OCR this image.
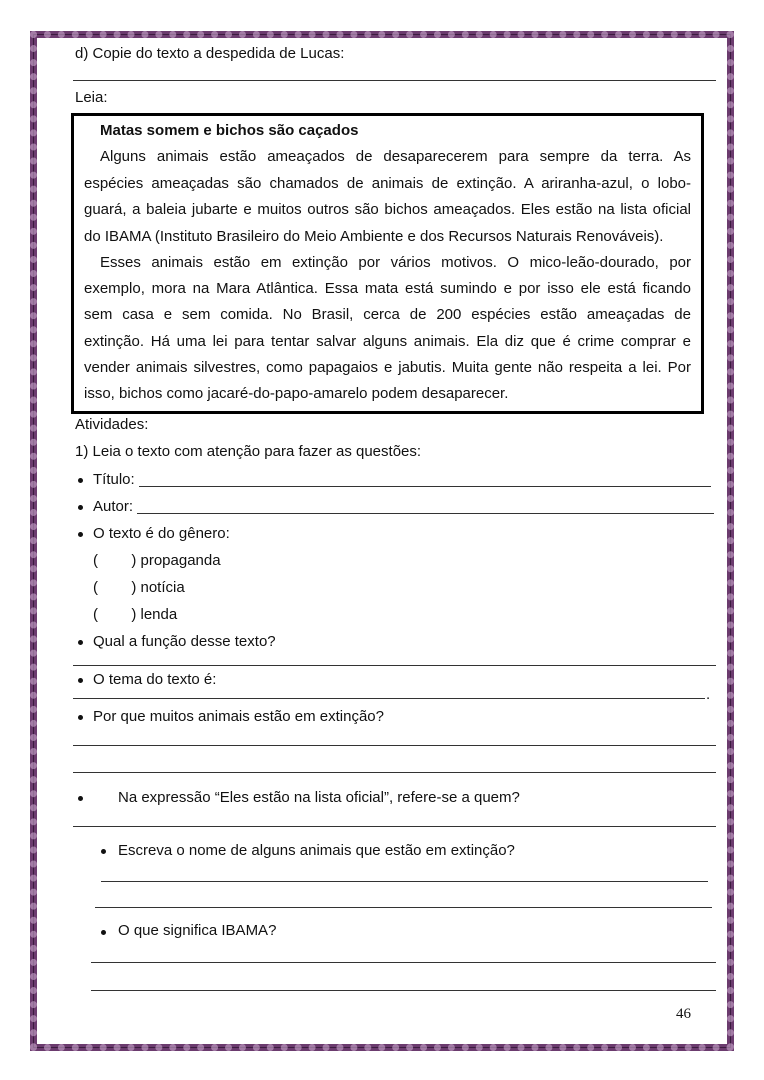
d) Copie do texto a despedida de Lucas:
Leia:
Matas somem e bichos são caçados
Alguns animais estão ameaçados de desaparecerem para sempre da terra. As
espécies ameaçadas são chamados de animais de extinção. A ariranha-azul, o lobo-
guará, a baleia jubarte e muitos outros são bichos ameaçados. Eles estão na lista oficial
do IBAMA (Instituto Brasileiro do Meio Ambiente e dos Recursos Naturais Renováveis).
Esses animais estão em extinção por vários motivos. O mico-leão-dourado, por
exemplo, mora na Mara Atlântica. Essa mata está sumindo e por isso ele está ficando
sem casa e sem comida. No Brasil, cerca de 200 espécies estão ameaçadas de
extinção. Há uma lei para tentar salvar alguns animais. Ela diz que é crime comprar e
vender animais silvestres, como papagaios e jabutis. Muita gente não respeita a lei. Por
isso, bichos como jacaré-do-papo-amarelo podem desaparecer.
Atividades:
1) Leia o texto com atenção para fazer as questões:
Título:
Autor:
O texto é do gênero:
(        ) propaganda
(        ) notícia
(        ) lenda
Qual a função desse texto?
O tema do texto é:
.
Por que muitos animais estão em extinção?
Na expressão “Eles estão na lista oficial”, refere-se a quem?
Escreva o nome de alguns animais que estão em extinção?
O que significa IBAMA?
46
